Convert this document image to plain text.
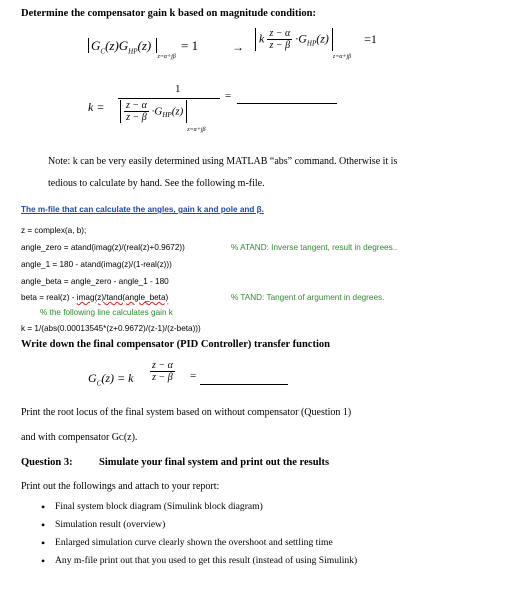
Determine the compensator gain k based on magnitude condition:
$G_C(z)G_{HP}(z) _{z=\alpha+j\beta} = 1$	→
k $\frac{z - \alpha}{z - \beta} \cdot G_{HP}(z)_{z=\alpha+j\beta} =1$
k =
1
$\frac{z - \alpha}{z - \beta} \cdot G_{HP}(z)_{z=\alpha+j\beta}$
=
Note: k can be very easily determined using MATLAB “abs” command. Otherwise it is
tedious to calculate by hand. See the following m-file.
The m-file that can calculate the angles, gain k and pole and β.
z = complex(a, b);
angle_zero = atand(imag(z)/(real(z)+0.9672))	% ATAND: Inverse tangent, result in degrees..
angle_1 = 180 - atand(imag(z)/(1-real(z)))
angle_beta = angle_zero - angle_1 - 180
beta = real(z) - imag(z)/tand(angle_beta)	% TAND: Tangent of argument in degrees.
% the following line calculates gain k
k = 1/(abs(0.00013545*(z+0.9672)/(z-1)/(z-beta)))
Write down the final compensator (PID Controller) transfer function
$G_C(z) = k \frac{z - \alpha}{z - \beta}$ =
Print the root locus of the final system based on without compensator (Question 1)
and with compensator Gᴄ(z).
Question 3:	Simulate your final system and print out the results
Print out the followings and attach to your report:
• Final system block diagram (Simulink block diagram)
• Simulation result (overview)
• Enlarged simulation curve clearly shown the overshoot and settling time
• Any m-file print out that you used to get this result (instead of using Simulink)
